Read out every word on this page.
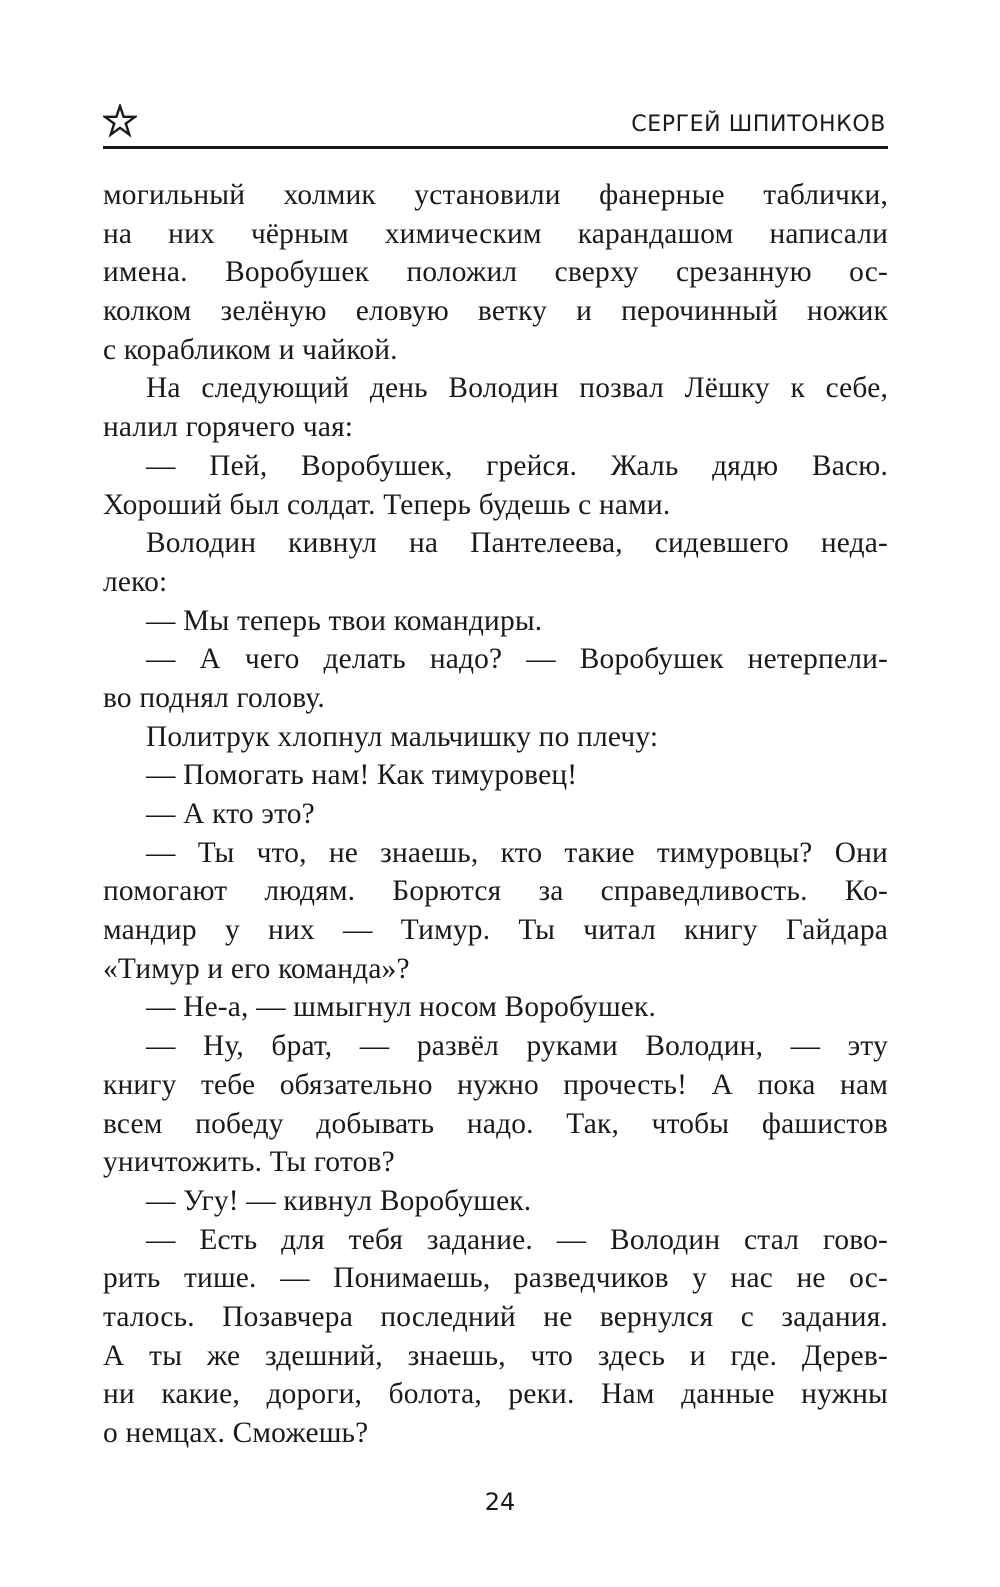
СЕРГЕЙ ШПИТОНКОВ
могильный холмик установили фанерные таблички,
на них чёрным химическим карандашом написали
имена. Воробушек положил сверху срезанную ос-
колком зелёную еловую ветку и перочинный ножик
с корабликом и чайкой.
На следующий день Володин позвал Лёшку к себе,
налил горячего чая:
— Пей, Воробушек, грейся. Жаль дядю Васю.
Хороший был солдат. Теперь будешь с нами.
Володин кивнул на Пантелеева, сидевшего неда-
леко:
— Мы теперь твои командиры.
— А чего делать надо? — Воробушек нетерпели-
во поднял голову.
Политрук хлопнул мальчишку по плечу:
— Помогать нам! Как тимуровец!
— А кто это?
— Ты что, не знаешь, кто такие тимуровцы? Они
помогают людям. Борются за справедливость. Ко-
мандир у них — Тимур. Ты читал книгу Гайдара
«Тимур и его команда»?
— Не-а, — шмыгнул носом Воробушек.
— Ну, брат, — развёл руками Володин, — эту
книгу тебе обязательно нужно прочесть! А пока нам
всем победу добывать надо. Так, чтобы фашистов
уничтожить. Ты готов?
— Угу! — кивнул Воробушек.
— Есть для тебя задание. — Володин стал гово-
рить тише. — Понимаешь, разведчиков у нас не ос-
талось. Позавчера последний не вернулся с задания.
А ты же здешний, знаешь, что здесь и где. Дерев-
ни какие, дороги, болота, реки. Нам данные нужны
о немцах. Сможешь?
24
